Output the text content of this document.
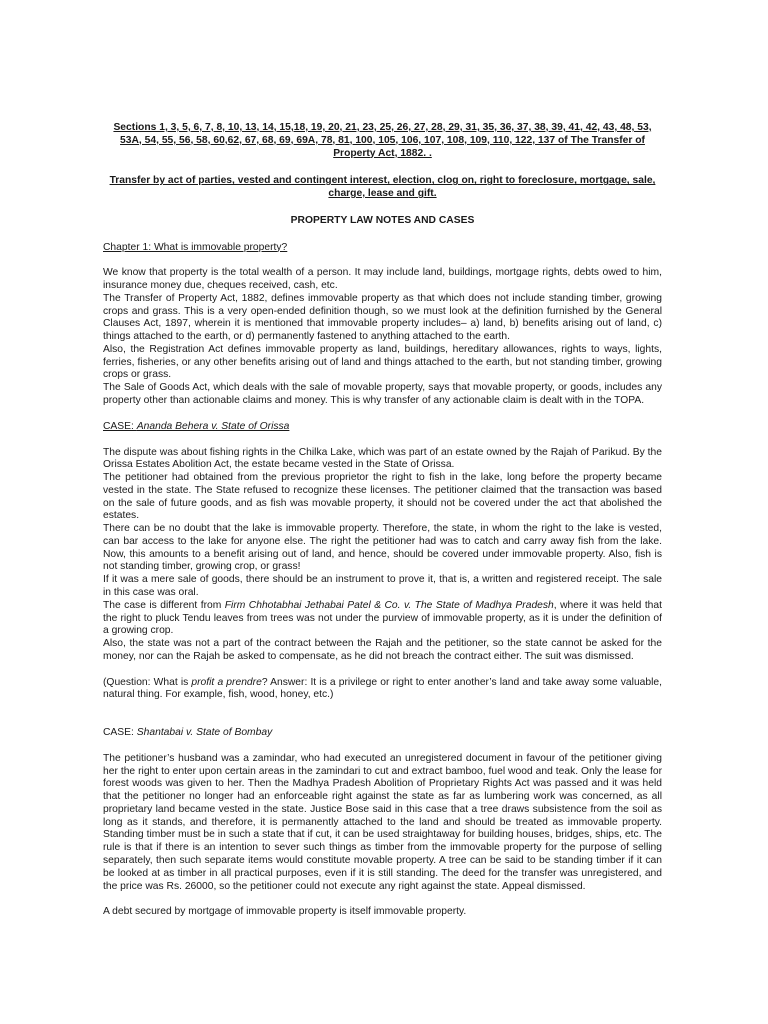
Sections 1, 3, 5, 6, 7, 8, 10, 13, 14, 15,18, 19, 20, 21, 23, 25, 26, 27, 28, 29, 31, 35, 36, 37, 38, 39, 41, 42, 43, 48, 53, 53A, 54, 55, 56, 58, 60,62, 67, 68, 69, 69A, 78, 81, 100, 105, 106, 107, 108, 109, 110, 122, 137 of The Transfer of Property Act, 1882. .
Transfer by act of parties, vested and contingent interest, election, clog on, right to foreclosure, mortgage, sale, charge, lease and gift.
PROPERTY LAW NOTES AND CASES
Chapter 1: What is immovable property?

We know that property is the total wealth of a person. It may include land, buildings, mortgage rights, debts owed to him, insurance money due, cheques received, cash, etc.

The Transfer of Property Act, 1882, defines immovable property as that which does not include standing timber, growing crops and grass. This is a very open-ended definition though, so we must look at the definition furnished by the General Clauses Act, 1897, wherein it is mentioned that immovable property includes– a) land, b) benefits arising out of land, c) things attached to the earth, or d) permanently fastened to anything attached to the earth.

Also, the Registration Act defines immovable property as land, buildings, hereditary allowances, rights to ways, lights, ferries, fisheries, or any other benefits arising out of land and things attached to the earth, but not standing timber, growing crops or grass.

The Sale of Goods Act, which deals with the sale of movable property, says that movable property, or goods, includes any property other than actionable claims and money. This is why transfer of any actionable claim is dealt with in the TOPA.

CASE: Ananda Behera v. State of Orissa

The dispute was about fishing rights in the Chilka Lake, which was part of an estate owned by the Rajah of Parikud. By the Orissa Estates Abolition Act, the estate became vested in the State of Orissa.

The petitioner had obtained from the previous proprietor the right to fish in the lake, long before the property became vested in the state. The State refused to recognize these licenses. The petitioner claimed that the transaction was based on the sale of future goods, and as fish was movable property, it should not be covered under the act that abolished the estates.

There can be no doubt that the lake is immovable property. Therefore, the state, in whom the right to the lake is vested, can bar access to the lake for anyone else. The right the petitioner had was to catch and carry away fish from the lake. Now, this amounts to a benefit arising out of land, and hence, should be covered under immovable property. Also, fish is not standing timber, growing crop, or grass!

If it was a mere sale of goods, there should be an instrument to prove it, that is, a written and registered receipt. The sale in this case was oral.

The case is different from Firm Chhotabhai Jethabai Patel & Co. v. The State of Madhya Pradesh, where it was held that the right to pluck Tendu leaves from trees was not under the purview of immovable property, as it is under the definition of a growing crop.

Also, the state was not a part of the contract between the Rajah and the petitioner, so the state cannot be asked for the money, nor can the Rajah be asked to compensate, as he did not breach the contract either. The suit was dismissed.

(Question: What is profit a prendre? Answer: It is a privilege or right to enter another’s land and take away some valuable, natural thing. For example, fish, wood, honey, etc.)

CASE: Shantabai v. State of Bombay

The petitioner’s husband was a zamindar, who had executed an unregistered document in favour of the petitioner giving her the right to enter upon certain areas in the zamindari to cut and extract bamboo, fuel wood and teak. Only the lease for forest woods was given to her. Then the Madhya Pradesh Abolition of Proprietary Rights Act was passed and it was held that the petitioner no longer had an enforceable right against the state as far as lumbering work was concerned, as all proprietary land became vested in the state. Justice Bose said in this case that a tree draws subsistence from the soil as long as it stands, and therefore, it is permanently attached to the land and should be treated as immovable property. Standing timber must be in such a state that if cut, it can be used straightaway for building houses, bridges, ships, etc. The rule is that if there is an intention to sever such things as timber from the immovable property for the purpose of selling separately, then such separate items would constitute movable property. A tree can be said to be standing timber if it can be looked at as timber in all practical purposes, even if it is still standing. The deed for the transfer was unregistered, and the price was Rs. 26000, so the petitioner could not execute any right against the state. Appeal dismissed.

A debt secured by mortgage of immovable property is itself immovable property.
